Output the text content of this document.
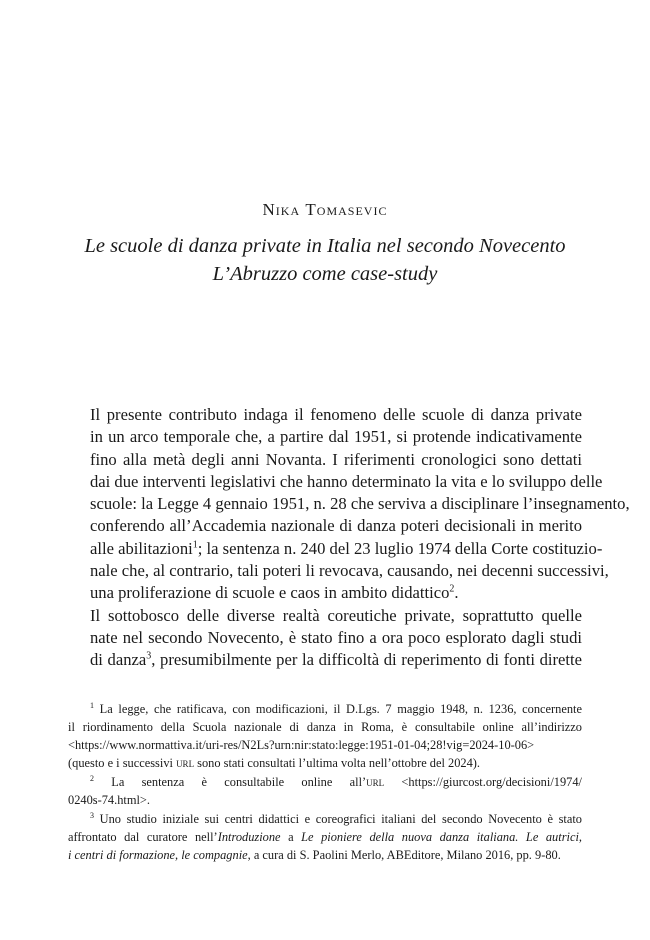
Nika Tomasevic
Le scuole di danza private in Italia nel secondo Novecento
L’Abruzzo come case-study

Il presente contributo indaga il fenomeno delle scuole di danza private
in un arco temporale che, a partire dal 1951, si protende indicativamente
fino alla metà degli anni Novanta. I riferimenti cronologici sono dettati
dai due interventi legislativi che hanno determinato la vita e lo sviluppo delle
scuole: la Legge 4 gennaio 1951, n. 28 che serviva a disciplinare l’insegnamento,
conferendo all’Accademia nazionale di danza poteri decisionali in merito
alle abilitazioni$^1$; la sentenza n. 240 del 23 luglio 1974 della Corte costituzio-
nale che, al contrario, tali poteri li revocava, causando, nei decenni successivi,
una proliferazione di scuole e caos in ambito didattico$^2$.

Il sottobosco delle diverse realtà coreutiche private, soprattutto quelle
nate nel secondo Novecento, è stato fino a ora poco esplorato dagli studi
di danza$^3$, presumibilmente per la difficoltà di reperimento di fonti dirette

$^1$ La legge, che ratificava, con modificazioni, il D.Lgs. 7 maggio 1948, n. 1236, concernente
il riordinamento della Scuola nazionale di danza in Roma, è consultabile online all’indirizzo
<https://www.normattiva.it/uri-res/N2Ls?urn:nir:stato:legge:1951-01-04;28!vig=2024-10-06>
(questo e i successivi url sono stati consultati l’ultima volta nell’ottobre del 2024).
$^2$ La sentenza è consultabile online all’url <https://giurcost.org/decisioni/1974/
0240s-74.html>.
$^3$ Uno studio iniziale sui centri didattici e coreografici italiani del secondo Novecento è stato
affrontato dal curatore nell’Introduzione a Le pioniere della nuova danza italiana. Le autrici,
i centri di formazione, le compagnie, a cura di S. Paolini Merlo, ABEditore, Milano 2016, pp. 9-80.
